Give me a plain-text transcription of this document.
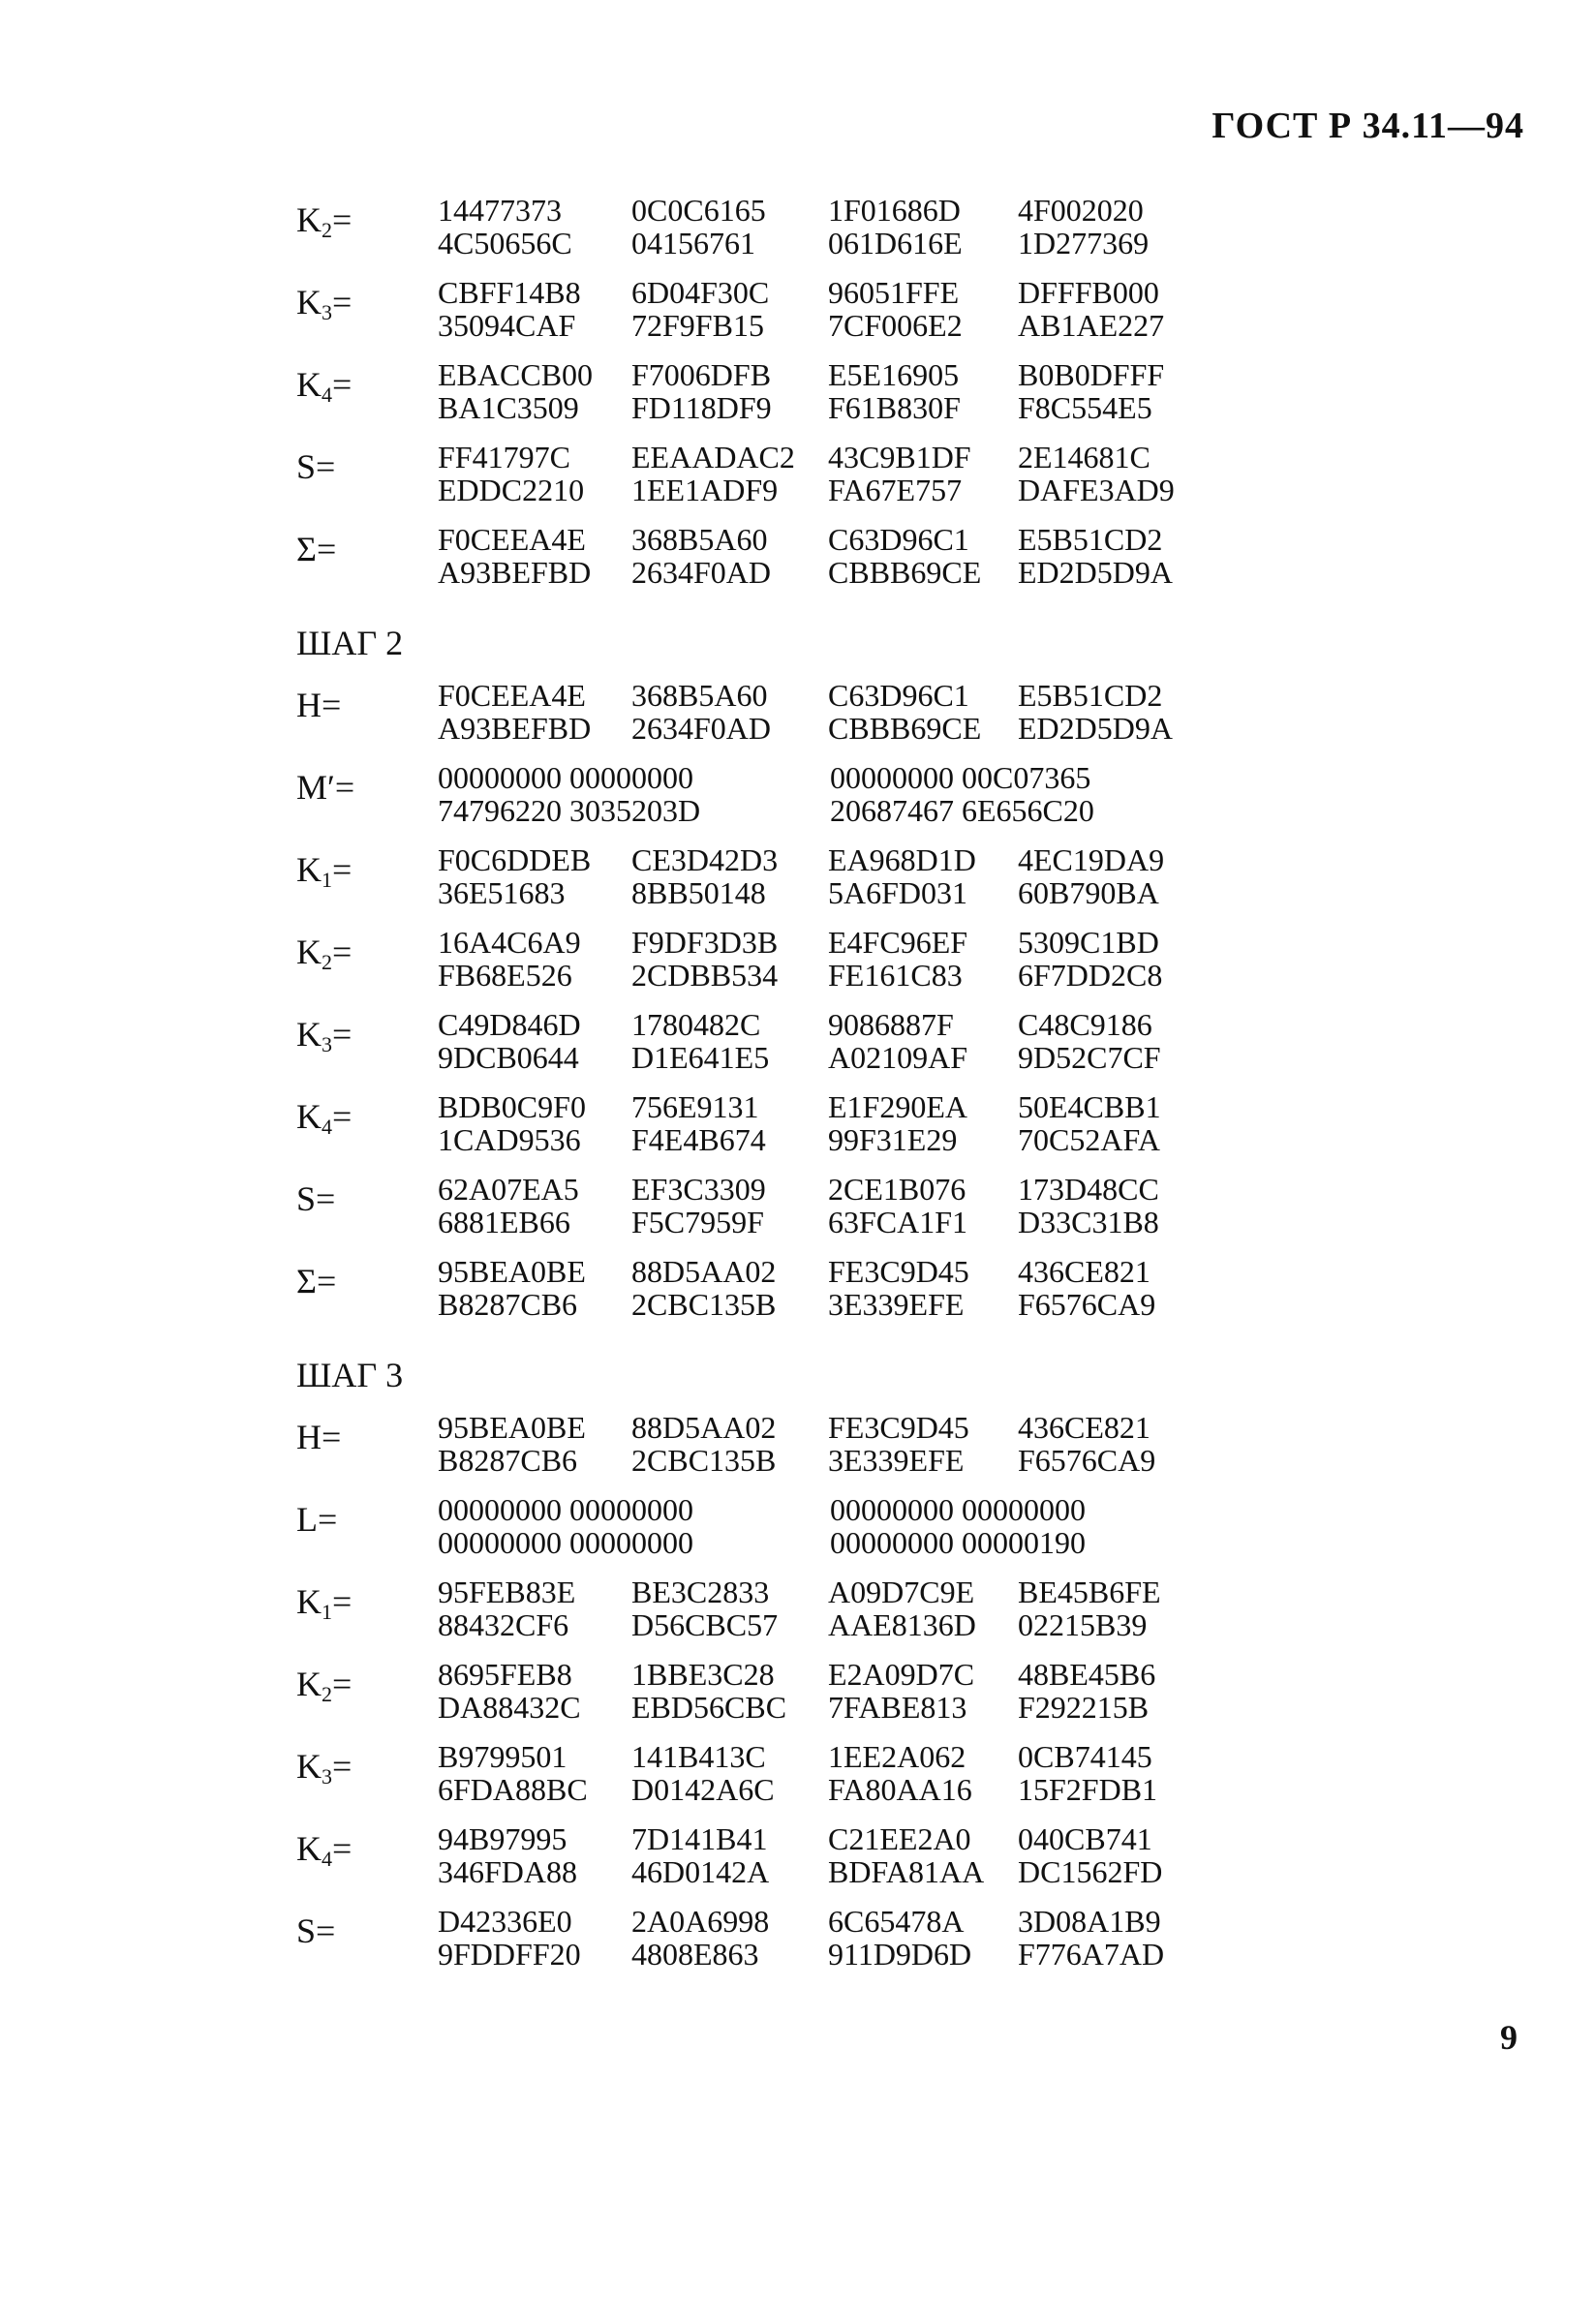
ГОСТ Р 34.11—94
$K_2=$	14477373	0C0C6165	1F01686D	4F002020
4C50656C	04156761	061D616E	1D277369
$K_3=$	CBFF14B8	6D04F30C	96051FFE	DFFFB000
35094CAF	72F9FB15	7CF006E2	AB1AE227
$K_4=$	EBACCB00	F7006DFB	E5E16905	B0B0DFFF
BA1C3509	FD118DF9	F61B830F	F8C554E5
S=	FF41797C	EEAADAC2	43C9B1DF	2E14681C
EDDC2210	1EE1ADF9	FA67E757	DAFE3AD9
Σ=	F0CEEA4E	368B5A60	C63D96C1	E5B51CD2
A93BEFBD	2634F0AD	CBBB69CE	ED2D5D9A
ШАГ 2
H=	F0CEEA4E	368B5A60	C63D96C1	E5B51CD2
A93BEFBD	2634F0AD	CBBB69CE	ED2D5D9A
M′=	00000000 00000000	00000000 00C07365
74796220 3035203D	20687467 6E656C20
$K_1=$	F0C6DDEB	CE3D42D3	EA968D1D	4EC19DA9
36E51683	8BB50148	5A6FD031	60B790BA
$K_2=$	16A4C6A9	F9DF3D3B	E4FC96EF	5309C1BD
FB68E526	2CDBB534	FE161C83	6F7DD2C8
$K_3=$	C49D846D	1780482C	9086887F	C48C9186
9DCB0644	D1E641E5	A02109AF	9D52C7CF
$K_4=$	BDB0C9F0	756E9131	E1F290EA	50E4CBB1
1CAD9536	F4E4B674	99F31E29	70C52AFA
S=	62A07EA5	EF3C3309	2CE1B076	173D48CC
6881EB66	F5C7959F	63FCA1F1	D33C31B8
Σ=	95BEA0BE	88D5AA02	FE3C9D45	436CE821
B8287CB6	2CBC135B	3E339EFE	F6576CA9
ШАГ 3
H=	95BEA0BE	88D5AA02	FE3C9D45	436CE821
B8287CB6	2CBC135B	3E339EFE	F6576CA9
L=	00000000 00000000	00000000 00000000
00000000 00000000	00000000 00000190
$K_1=$	95FEB83E	BE3C2833	A09D7C9E	BE45B6FE
88432CF6	D56CBC57	AAE8136D	02215B39
$K_2=$	8695FEB8	1BBE3C28	E2A09D7C	48BE45B6
DA88432C	EBD56CBC	7FABE813	F292215B
$K_3=$	B9799501	141B413C	1EE2A062	0CB74145
6FDA88BC	D0142A6C	FA80AA16	15F2FDB1
$K_4=$	94B97995	7D141B41	C21EE2A0	040CB741
346FDA88	46D0142A	BDFA81AA	DC1562FD
S=	D42336E0	2A0A6998	6C65478A	3D08A1B9
9FDDFF20	4808E863	911D9D6D	F776A7AD
9
